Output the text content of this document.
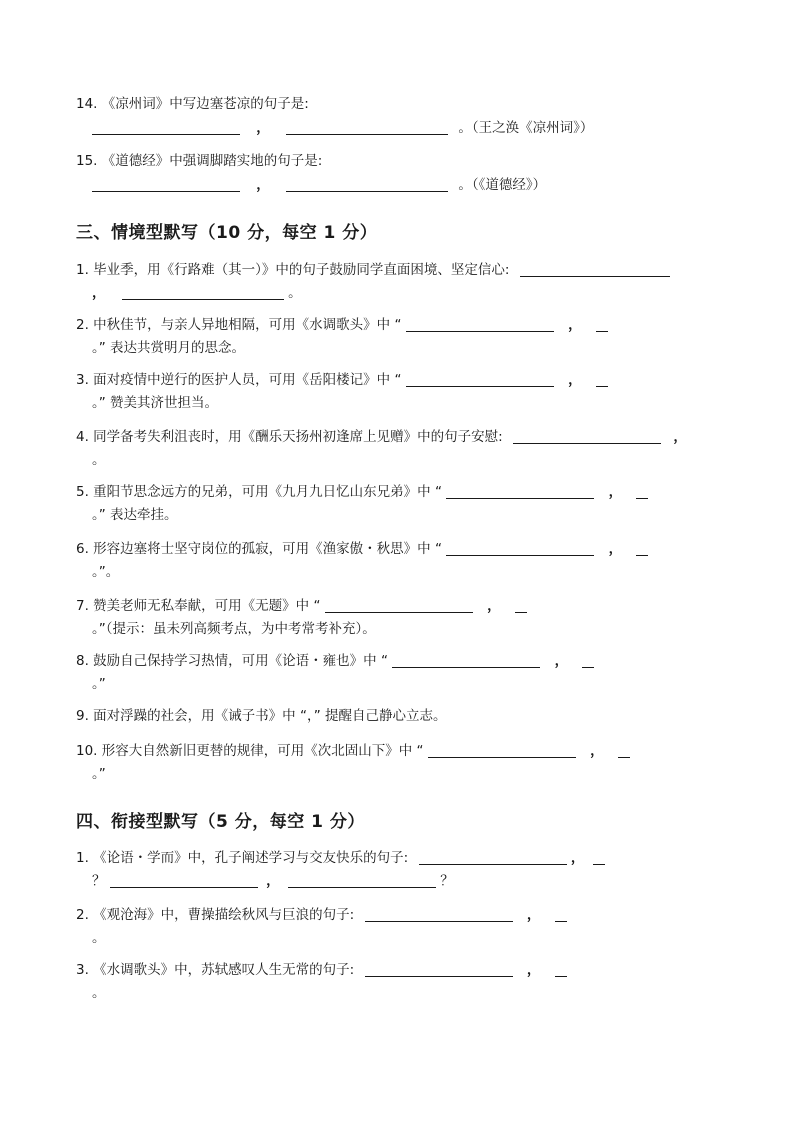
14. 《凉州词》中写边塞苍凉的句子是:
，	。（王之涣《凉州词》）
15. 《道德经》中强调脚踏实地的句子是:
，	。（《道德经》）
三、情境型默写（10 分，每空 1 分）
1. 毕业季，用《行路难（其一）》中的句子鼓励同学直面困境、坚定信心:
，	。
2. 中秋佳节，与亲人异地相隔，可用《水调歌头》中 “	，
。” 表达共赏明月的思念。
3. 面对疫情中逆行的医护人员，可用《岳阳楼记》中 “	，
。” 赞美其济世担当。
4. 同学备考失利沮丧时，用《酬乐天扬州初逢席上见赠》中的句子安慰:	，
。
5. 重阳节思念远方的兄弟，可用《九月九日忆山东兄弟》中 “	，
。” 表达牵挂。
6. 形容边塞将士坚守岗位的孤寂，可用《渔家傲・秋思》中 “	，
。”。
7. 赞美老师无私奉献，可用《无题》中 “	，
。”（提示：虽未列高频考点，为中考常考补充）。
8. 鼓励自己保持学习热情，可用《论语・雍也》中 “	，
。”
9. 面对浮躁的社会，用《诫子书》中 “，” 提醒自己静心立志。
10. 形容大自然新旧更替的规律，可用《次北固山下》中 “	，
。”
四、衔接型默写（5 分，每空 1 分）
1. 《论语・学而》中，孔子阐述学习与交友快乐的句子:	，
？	，	？
2. 《观沧海》中，曹操描绘秋风与巨浪的句子:	，
。
3. 《水调歌头》中，苏轼感叹人生无常的句子:	，
。
